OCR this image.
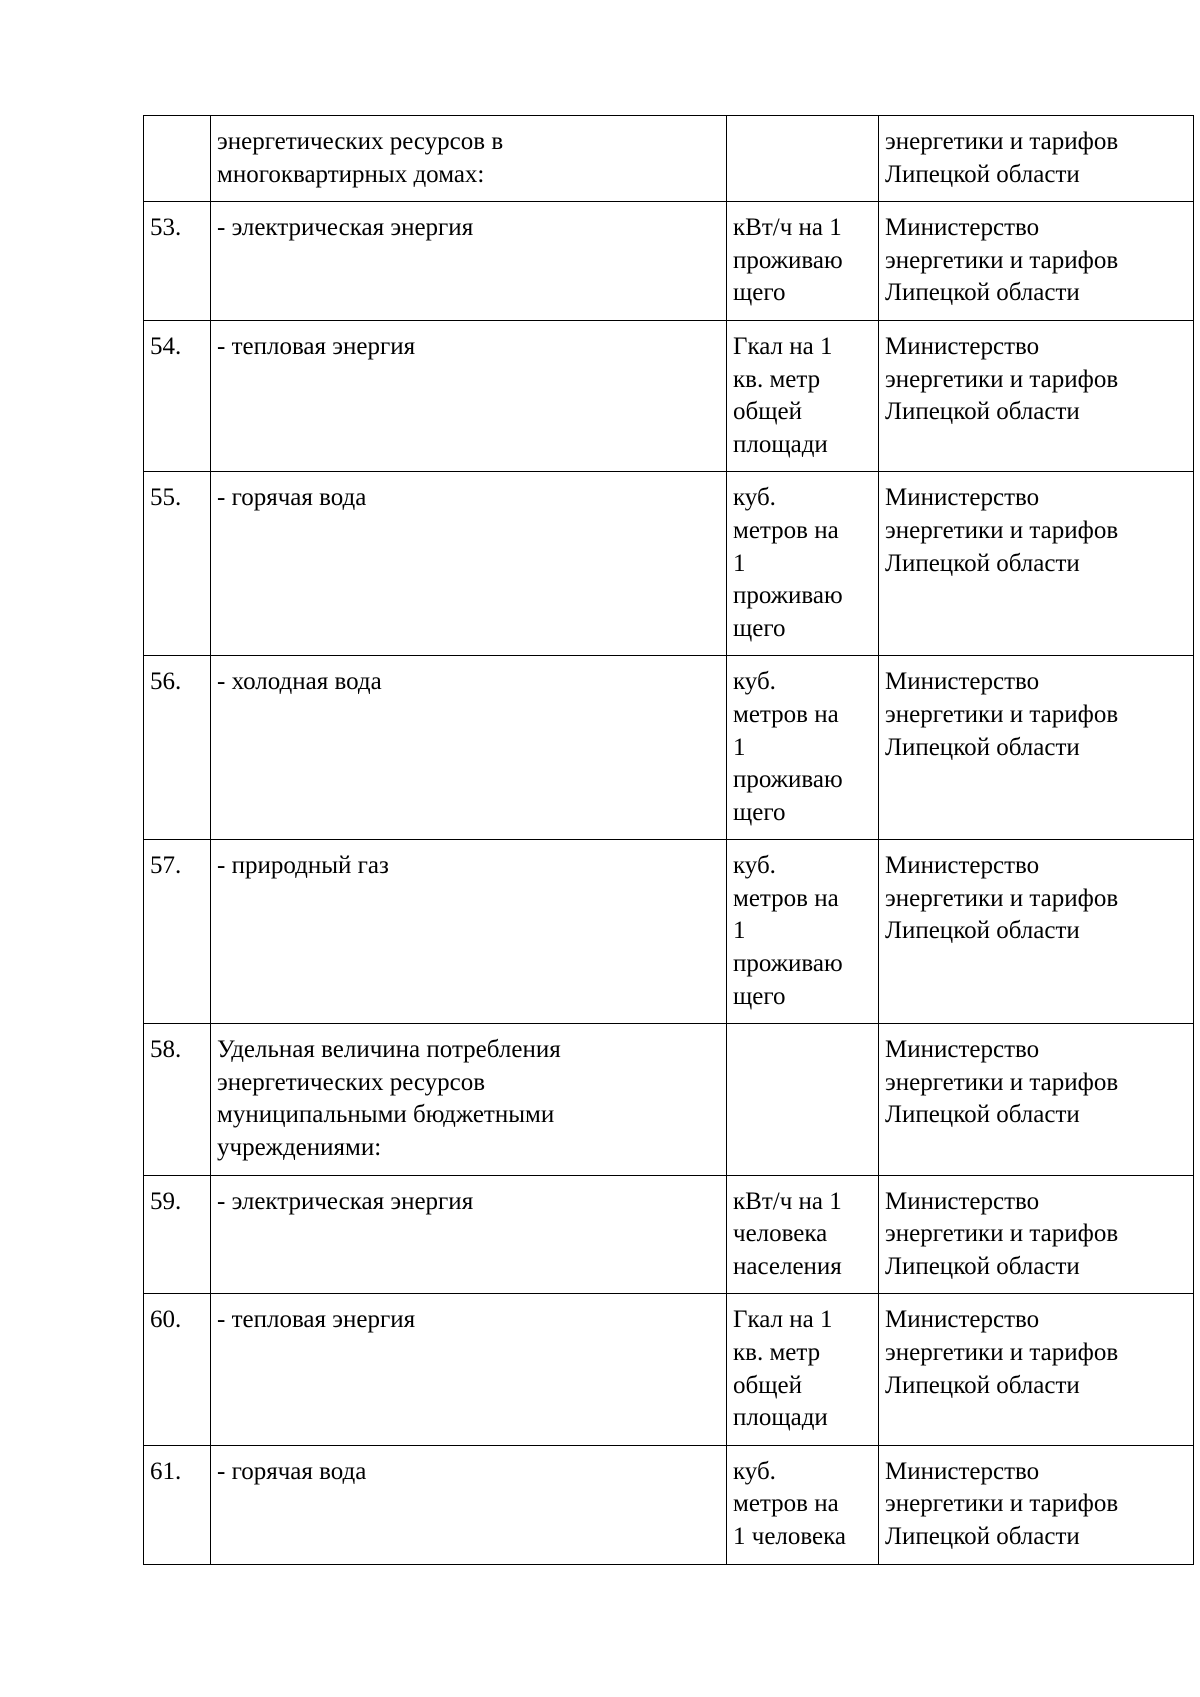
	энергетических ресурсов в
многоквартирных домах:		энергетики и тарифов
Липецкой области
53.	- электрическая энергия	кВт/ч на 1
проживаю
щего	Министерство
энергетики и тарифов
Липецкой области
54.	- тепловая энергия	Гкал на 1
кв. метр
общей
площади	Министерство
энергетики и тарифов
Липецкой области
55.	- горячая вода	куб.
метров на
1
проживаю
щего	Министерство
энергетики и тарифов
Липецкой области
56.	- холодная вода	куб.
метров на
1
проживаю
щего	Министерство
энергетики и тарифов
Липецкой области
57.	- природный газ	куб.
метров на
1
проживаю
щего	Министерство
энергетики и тарифов
Липецкой области
58.	Удельная величина потребления
энергетических ресурсов
муниципальными бюджетными
учреждениями:		Министерство
энергетики и тарифов
Липецкой области
59.	- электрическая энергия	кВт/ч на 1
человека
населения	Министерство
энергетики и тарифов
Липецкой области
60.	- тепловая энергия	Гкал на 1
кв. метр
общей
площади	Министерство
энергетики и тарифов
Липецкой области
61.	- горячая вода	куб.
метров на
1 человека	Министерство
энергетики и тарифов
Липецкой области
